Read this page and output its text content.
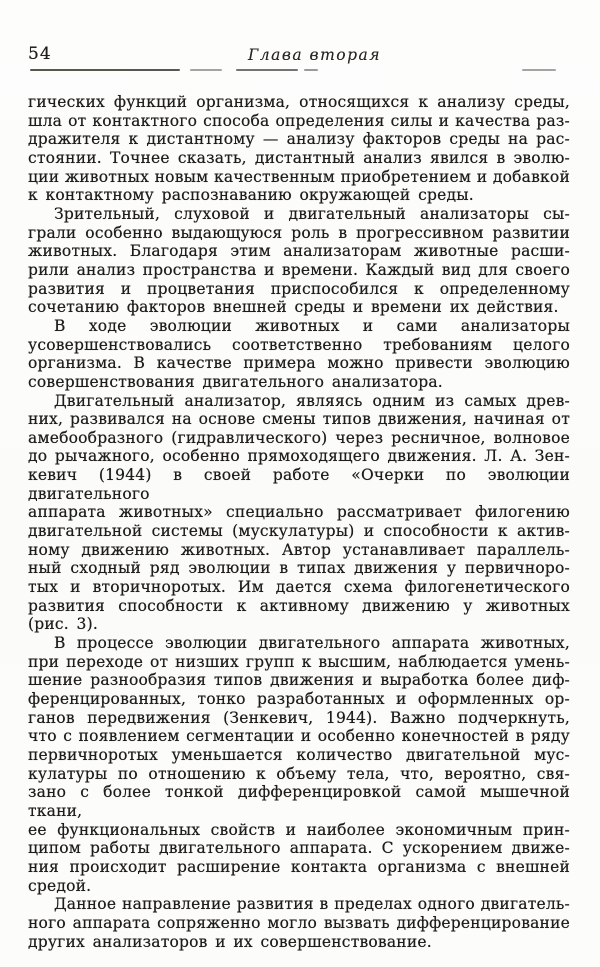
54	Глава вторая
гических функций организма, относящихся к анализу среды,
шла от контактного способа определения силы и качества раз-
дражителя к дистантному — анализу факторов среды на рас-
стоянии. Точнее сказать, дистантный анализ явился в эволю-
ции животных новым качественным приобретением и добавкой
к контактному распознаванию окружающей среды.
Зрительный, слуховой и двигательный анализаторы сы-
грали особенно выдающуюся роль в прогрессивном развитии
животных. Благодаря этим анализаторам животные расши-
рили анализ пространства и времени. Каждый вид для своего
развития и процветания приспособился к определенному
сочетанию факторов внешней среды и времени их действия.
В ходе эволюции животных и сами анализаторы
усовершенствовались соответственно требованиям целого
организма. В качестве примера можно привести эволюцию
совершенствования двигательного анализатора.
Двигательный анализатор, являясь одним из самых древ-
них, развивался на основе смены типов движения, начиная от
амебообразного (гидравлического) через ресничное, волновое
до рычажного, особенно прямоходящего движения. Л. А. Зен-
кевич (1944) в своей работе «Очерки по эволюции двигательного
аппарата животных» специально рассматривает филогению
двигательной системы (мускулатуры) и способности к актив-
ному движению животных. Автор устанавливает параллель-
ный сходный ряд эволюции в типах движения у первичноро-
тых и вторичноротых. Им дается схема филогенетического
развития способности к активному движению у животных
(рис. 3).
В процессе эволюции двигательного аппарата животных,
при переходе от низших групп к высшим, наблюдается умень-
шение разнообразия типов движения и выработка более диф-
ференцированных, тонко разработанных и оформленных ор-
ганов передвижения (Зенкевич, 1944). Важно подчеркнуть,
что с появлением сегментации и особенно конечностей в ряду
первичноротых уменьшается количество двигательной мус-
кулатуры по отношению к объему тела, что, вероятно, свя-
зано с более тонкой дифференцировкой самой мышечной ткани,
ее функциональных свойств и наиболее экономичным прин-
ципом работы двигательного аппарата. С ускорением движе-
ния происходит расширение контакта организма с внешней
средой.
Данное направление развития в пределах одного двигатель-
ного аппарата сопряженно могло вызвать дифференцирование
других анализаторов и их совершенствование.
